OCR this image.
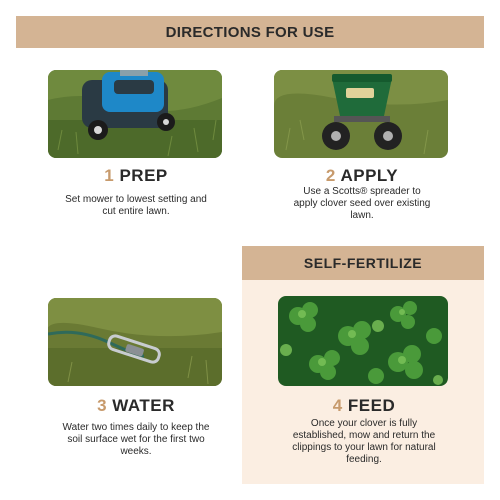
DIRECTIONS FOR USE
1 PREP
Set mower to lowest setting and cut entire lawn.
2 APPLY
Use a Scotts® spreader to apply clover seed over existing lawn.
SELF-FERTILIZE
3 WATER
Water two times daily to keep the soil surface wet for the first two weeks.
4 FEED
Once your clover is fully established, mow and return the clippings to your lawn for natural feeding.
